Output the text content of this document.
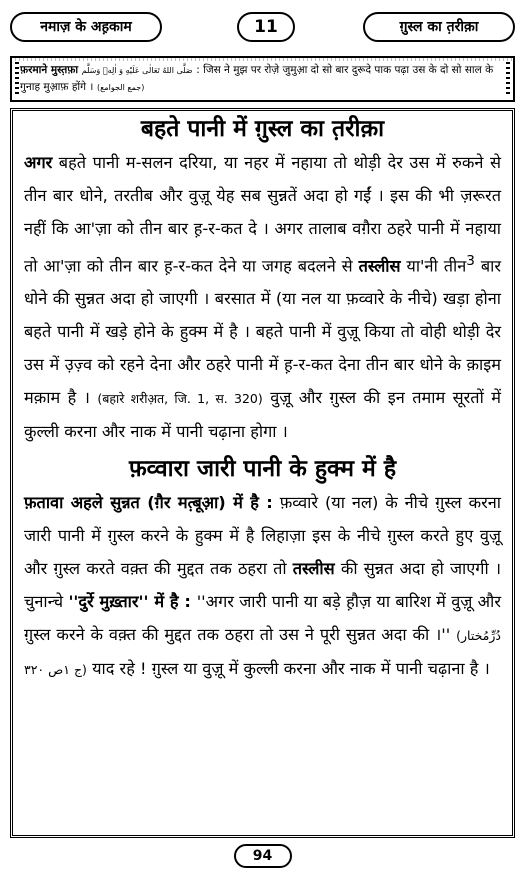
नमाज़ के अह़काम	11	ग़ुस्ल का त़रीक़ा
फ़रमाने मुस्त़फ़ा صَلَّى اللهُ تَعَالٰى عَلَيْهِ وَ اٰلِهٖ وَسَلَّم : जिस ने मुझ पर रोज़े जुमुआ़ दो सो बार दुरूदे पाक पढ़ा उस के दो सो साल के गुनाह मुआ़फ़ होंगे । (جمع الجوامع)
बहते पानी में ग़ुस्ल का त़रीक़ा

अगर बहते पानी म-सलन दरिया, या नहर में नहाया तो थोड़ी देर उस में रुकने से तीन बार धोने, तरतीब और वुज़ू येह सब सुन्नतें अदा हो गईं । इस की भी ज़रूरत नहीं कि आ'ज़ा को तीन बार ह़-र-कत दे । अगर तालाब वग़ैरा ठहरे पानी में नहाया तो आ'ज़ा को तीन बार ह़-र-कत देने या जगह बदलने से तस्लीस या'नी तीन$^3$ बार धोने की सुन्नत अदा हो जाएगी । बरसात में (या नल या फ़व्वारे के नीचे) खड़ा होना बहते पानी में खड़े होने के हुक्म में है । बहते पानी में वुज़ू किया तो वोही थोड़ी देर उस में उ़ज़्व को रहने देना और ठहरे पानी में ह़-र-कत देना तीन बार धोने के क़ाइम मक़ाम है । (बहारे शरीअ़त, जि. 1, स. 320) वुज़ू और ग़ुस्ल की इन तमाम सूरतों में कुल्ली करना और नाक में पानी चढ़ाना होगा ।

फ़व्वारा जारी पानी के हुक्म में है

फ़तावा अहले सुन्नत (ग़ैर मत़्बूआ़) में है : फ़व्वारे (या नल) के नीचे ग़ुस्ल करना जारी पानी में ग़ुस्ल करने के हुक्म में है लिहाज़ा इस के नीचे ग़ुस्ल करते हुए वुज़ू और ग़ुस्ल करते वक़्त की मुद्दत तक ठहरा तो तस्लीस की सुन्नत अदा हो जाएगी । चुनान्चे ''दुर्रे मुख़्तार'' में है : ''अगर जारी पानी या बड़े ह़ौज़ या बारिश में वुज़ू और ग़ुस्ल करने के वक़्त की मुद्दत तक ठहरा तो उस ने पूरी सुन्नत अदा की ।'' (دُرِّمُختار ج ۱ص ۳۲۰) याद रहे ! ग़ुस्ल या वुज़ू में कुल्ली करना और नाक में पानी चढ़ाना है ।

94
